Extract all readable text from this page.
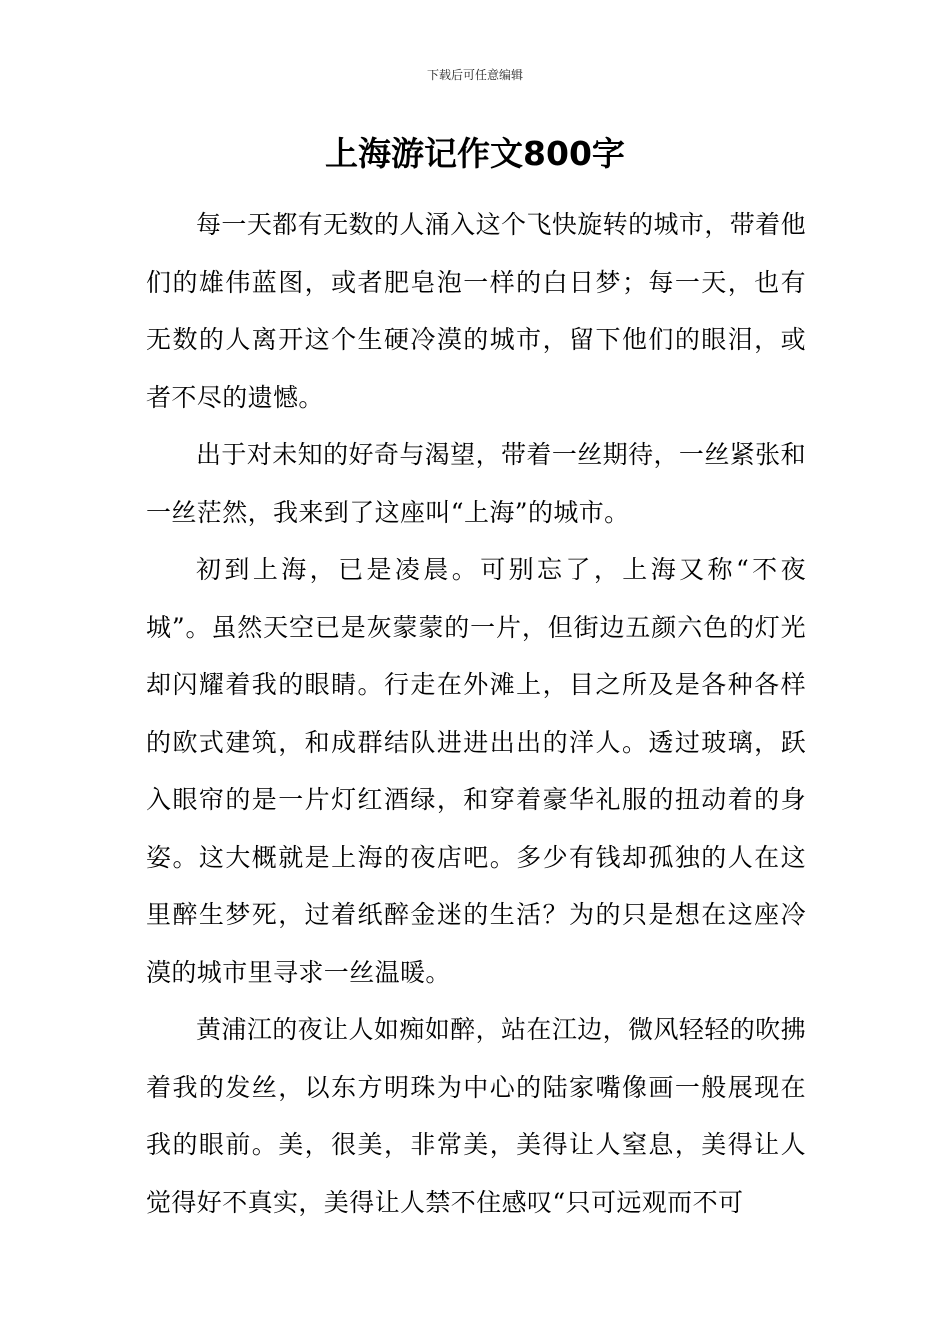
下载后可任意编辑
上海游记作文800字

每一天都有无数的人涌入这个飞快旋转的城市，带着他们的雄伟蓝图，或者肥皂泡一样的白日梦；每一天，也有无数的人离开这个生硬冷漠的城市，留下他们的眼泪，或者不尽的遗憾。

出于对未知的好奇与渴望，带着一丝期待，一丝紧张和一丝茫然，我来到了这座叫“上海”的城市。

初到上海，已是凌晨。可别忘了，上海又称“不夜城”。虽然天空已是灰蒙蒙的一片，但街边五颜六色的灯光却闪耀着我的眼睛。行走在外滩上，目之所及是各种各样的欧式建筑，和成群结队进进出出的洋人。透过玻璃，跃入眼帘的是一片灯红酒绿，和穿着豪华礼服的扭动着的身姿。这大概就是上海的夜店吧。多少有钱却孤独的人在这里醉生梦死，过着纸醉金迷的生活？为的只是想在这座冷漠的城市里寻求一丝温暖。

黄浦江的夜让人如痴如醉，站在江边，微风轻轻的吹拂着我的发丝，以东方明珠为中心的陆家嘴像画一般展现在我的眼前。美，很美，非常美，美得让人窒息，美得让人觉得好不真实，美得让人禁不住感叹“只可远观而不可
